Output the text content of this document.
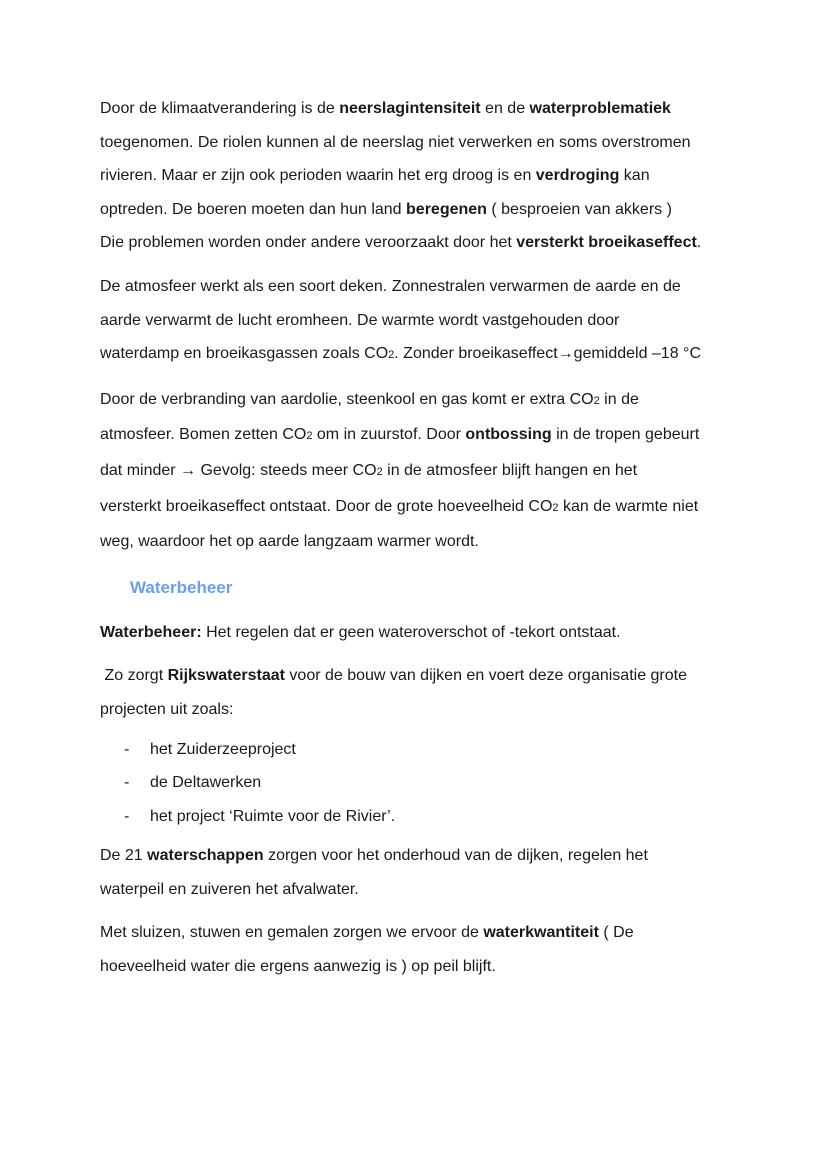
Door de klimaatverandering is de neerslagintensiteit en de waterproblematiek
toegenomen. De riolen kunnen al de neerslag niet verwerken en soms overstromen
rivieren. Maar er zijn ook perioden waarin het erg droog is en verdroging kan
optreden. De boeren moeten dan hun land beregenen ( besproeien van akkers )
Die problemen worden onder andere veroorzaakt door het versterkt broeikaseffect.

De atmosfeer werkt als een soort deken. Zonnestralen verwarmen de aarde en de
aarde verwarmt de lucht eromheen. De warmte wordt vastgehouden door
waterdamp en broeikasgassen zoals CO2. Zonder broeikaseffect→gemiddeld –18 °C

Door de verbranding van aardolie, steenkool en gas komt er extra CO2 in de
atmosfeer. Bomen zetten CO2 om in zuurstof. Door ontbossing in de tropen gebeurt
dat minder → Gevolg: steeds meer CO2 in de atmosfeer blijft hangen en het
versterkt broeikaseffect ontstaat. Door de grote hoeveelheid CO2 kan de warmte niet
weg, waardoor het op aarde langzaam warmer wordt.

Waterbeheer

Waterbeheer: Het regelen dat er geen wateroverschot of -tekort ontstaat.

Zo zorgt Rijkswaterstaat voor de bouw van dijken en voert deze organisatie grote
projecten uit zoals:

- het Zuiderzeeproject
- de Deltawerken
- het project ‘Ruimte voor de Rivier’.

De 21 waterschappen zorgen voor het onderhoud van de dijken, regelen het
waterpeil en zuiveren het afvalwater.

Met sluizen, stuwen en gemalen zorgen we ervoor de waterkwantiteit ( De
hoeveelheid water die ergens aanwezig is ) op peil blijft.
